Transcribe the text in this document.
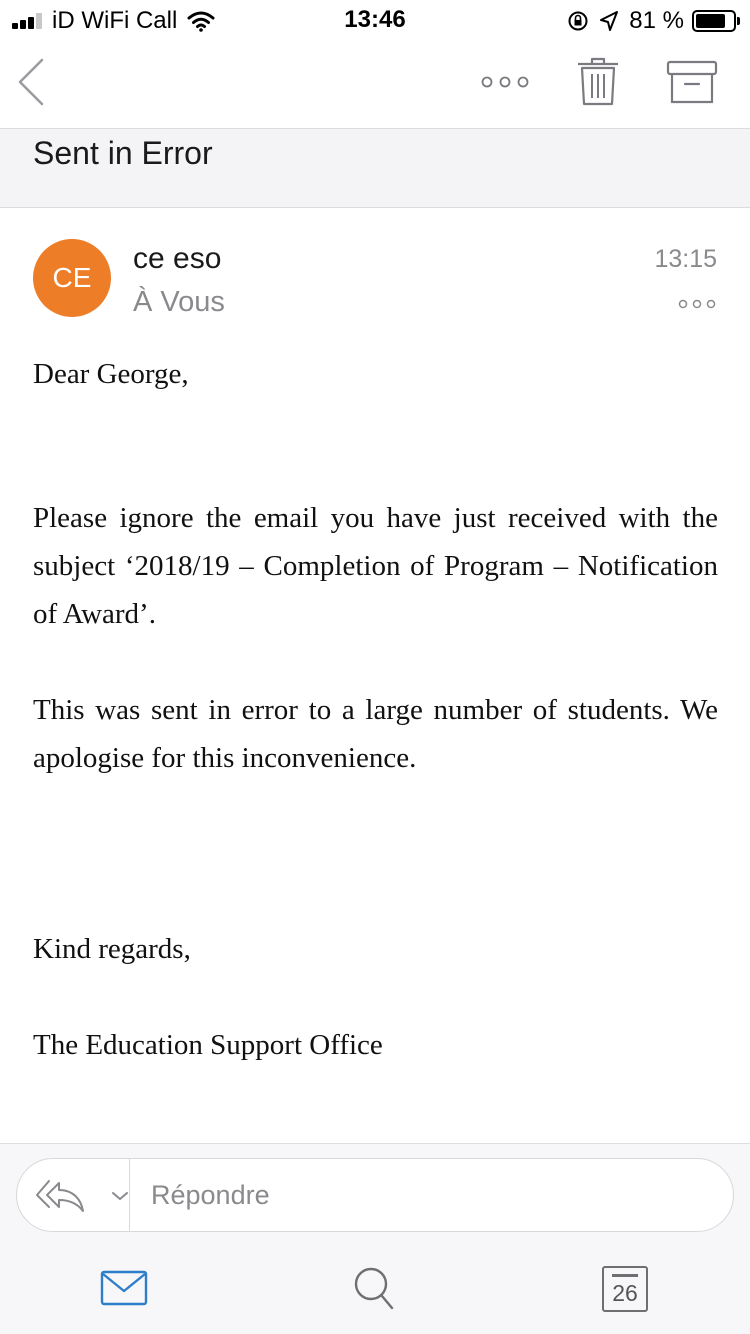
iD WiFi Call	13:46	81 %
Sent in Error
CE
ce eso
À Vous
13:15
Dear George,
Please ignore the email you have just received with the subject ‘2018/19 – Completion of Program – Notification of Award’.
This was sent in error to a large number of students. We apologise for this inconvenience.
Kind regards,
The Education Support Office
Répondre
26
